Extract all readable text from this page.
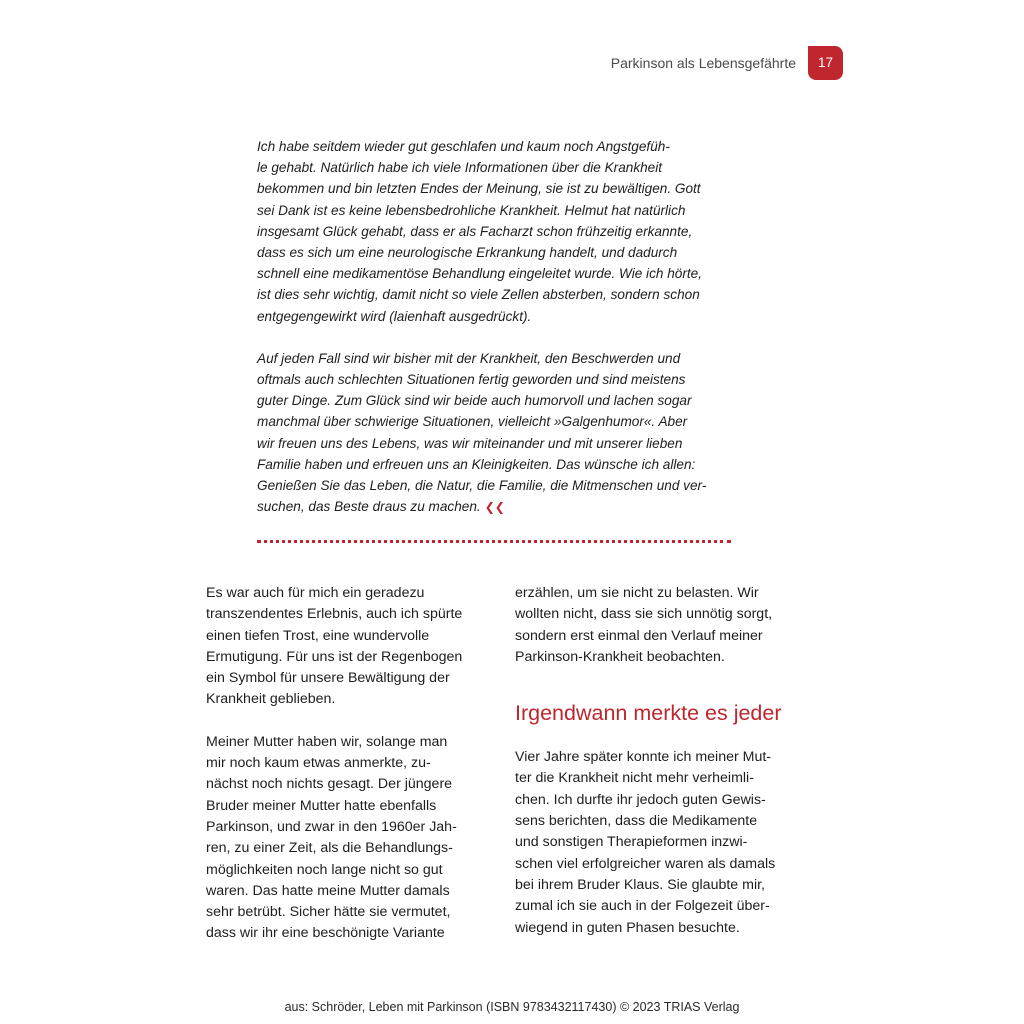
Parkinson als Lebensgefährte	17

Ich habe seitdem wieder gut geschlafen und kaum noch Angstgefüh-
le gehabt. Natürlich habe ich viele Informationen über die Krankheit
bekommen und bin letzten Endes der Meinung, sie ist zu bewältigen. Gott
sei Dank ist es keine lebensbedrohliche Krankheit. Helmut hat natürlich
insgesamt Glück gehabt, dass er als Facharzt schon frühzeitig erkannte,
dass es sich um eine neurologische Erkrankung handelt, und dadurch
schnell eine medikamentöse Behandlung eingeleitet wurde. Wie ich hörte,
ist dies sehr wichtig, damit nicht so viele Zellen absterben, sondern schon
entgegengewirkt wird (laienhaft ausgedrückt).

Auf jeden Fall sind wir bisher mit der Krankheit, den Beschwerden und
oftmals auch schlechten Situationen fertig geworden und sind meistens
guter Dinge. Zum Glück sind wir beide auch humorvoll und lachen sogar
manchmal über schwierige Situationen, vielleicht »Galgenhumor«. Aber
wir freuen uns des Lebens, was wir miteinander und mit unserer lieben
Familie haben und erfreuen uns an Kleinigkeiten. Das wünsche ich allen:
Genießen Sie das Leben, die Natur, die Familie, die Mitmenschen und ver-
suchen, das Beste draus zu machen. ❮❮

Es war auch für mich ein geradezu
transzendentes Erlebnis, auch ich spürte
einen tiefen Trost, eine wundervolle
Ermutigung. Für uns ist der Regenbogen
ein Symbol für unsere Bewältigung der
Krankheit geblieben.

Meiner Mutter haben wir, solange man
mir noch kaum etwas anmerkte, zu-
nächst noch nichts gesagt. Der jüngere
Bruder meiner Mutter hatte ebenfalls
Parkinson, und zwar in den 1960er Jah-
ren, zu einer Zeit, als die Behandlungs-
möglichkeiten noch lange nicht so gut
waren. Das hatte meine Mutter damals
sehr betrübt. Sicher hätte sie vermutet,
dass wir ihr eine beschönigte Variante

erzählen, um sie nicht zu belasten. Wir
wollten nicht, dass sie sich unnötig sorgt,
sondern erst einmal den Verlauf meiner
Parkinson-Krankheit beobachten.

Irgendwann merkte es jeder

Vier Jahre später konnte ich meiner Mut-
ter die Krankheit nicht mehr verheimli-
chen. Ich durfte ihr jedoch guten Gewis-
sens berichten, dass die Medikamente
und sonstigen Therapieformen inzwi-
schen viel erfolgreicher waren als damals
bei ihrem Bruder Klaus. Sie glaubte mir,
zumal ich sie auch in der Folgezeit über-
wiegend in guten Phasen besuchte.

aus: Schröder, Leben mit Parkinson (ISBN 9783432117430) © 2023 TRIAS Verlag
